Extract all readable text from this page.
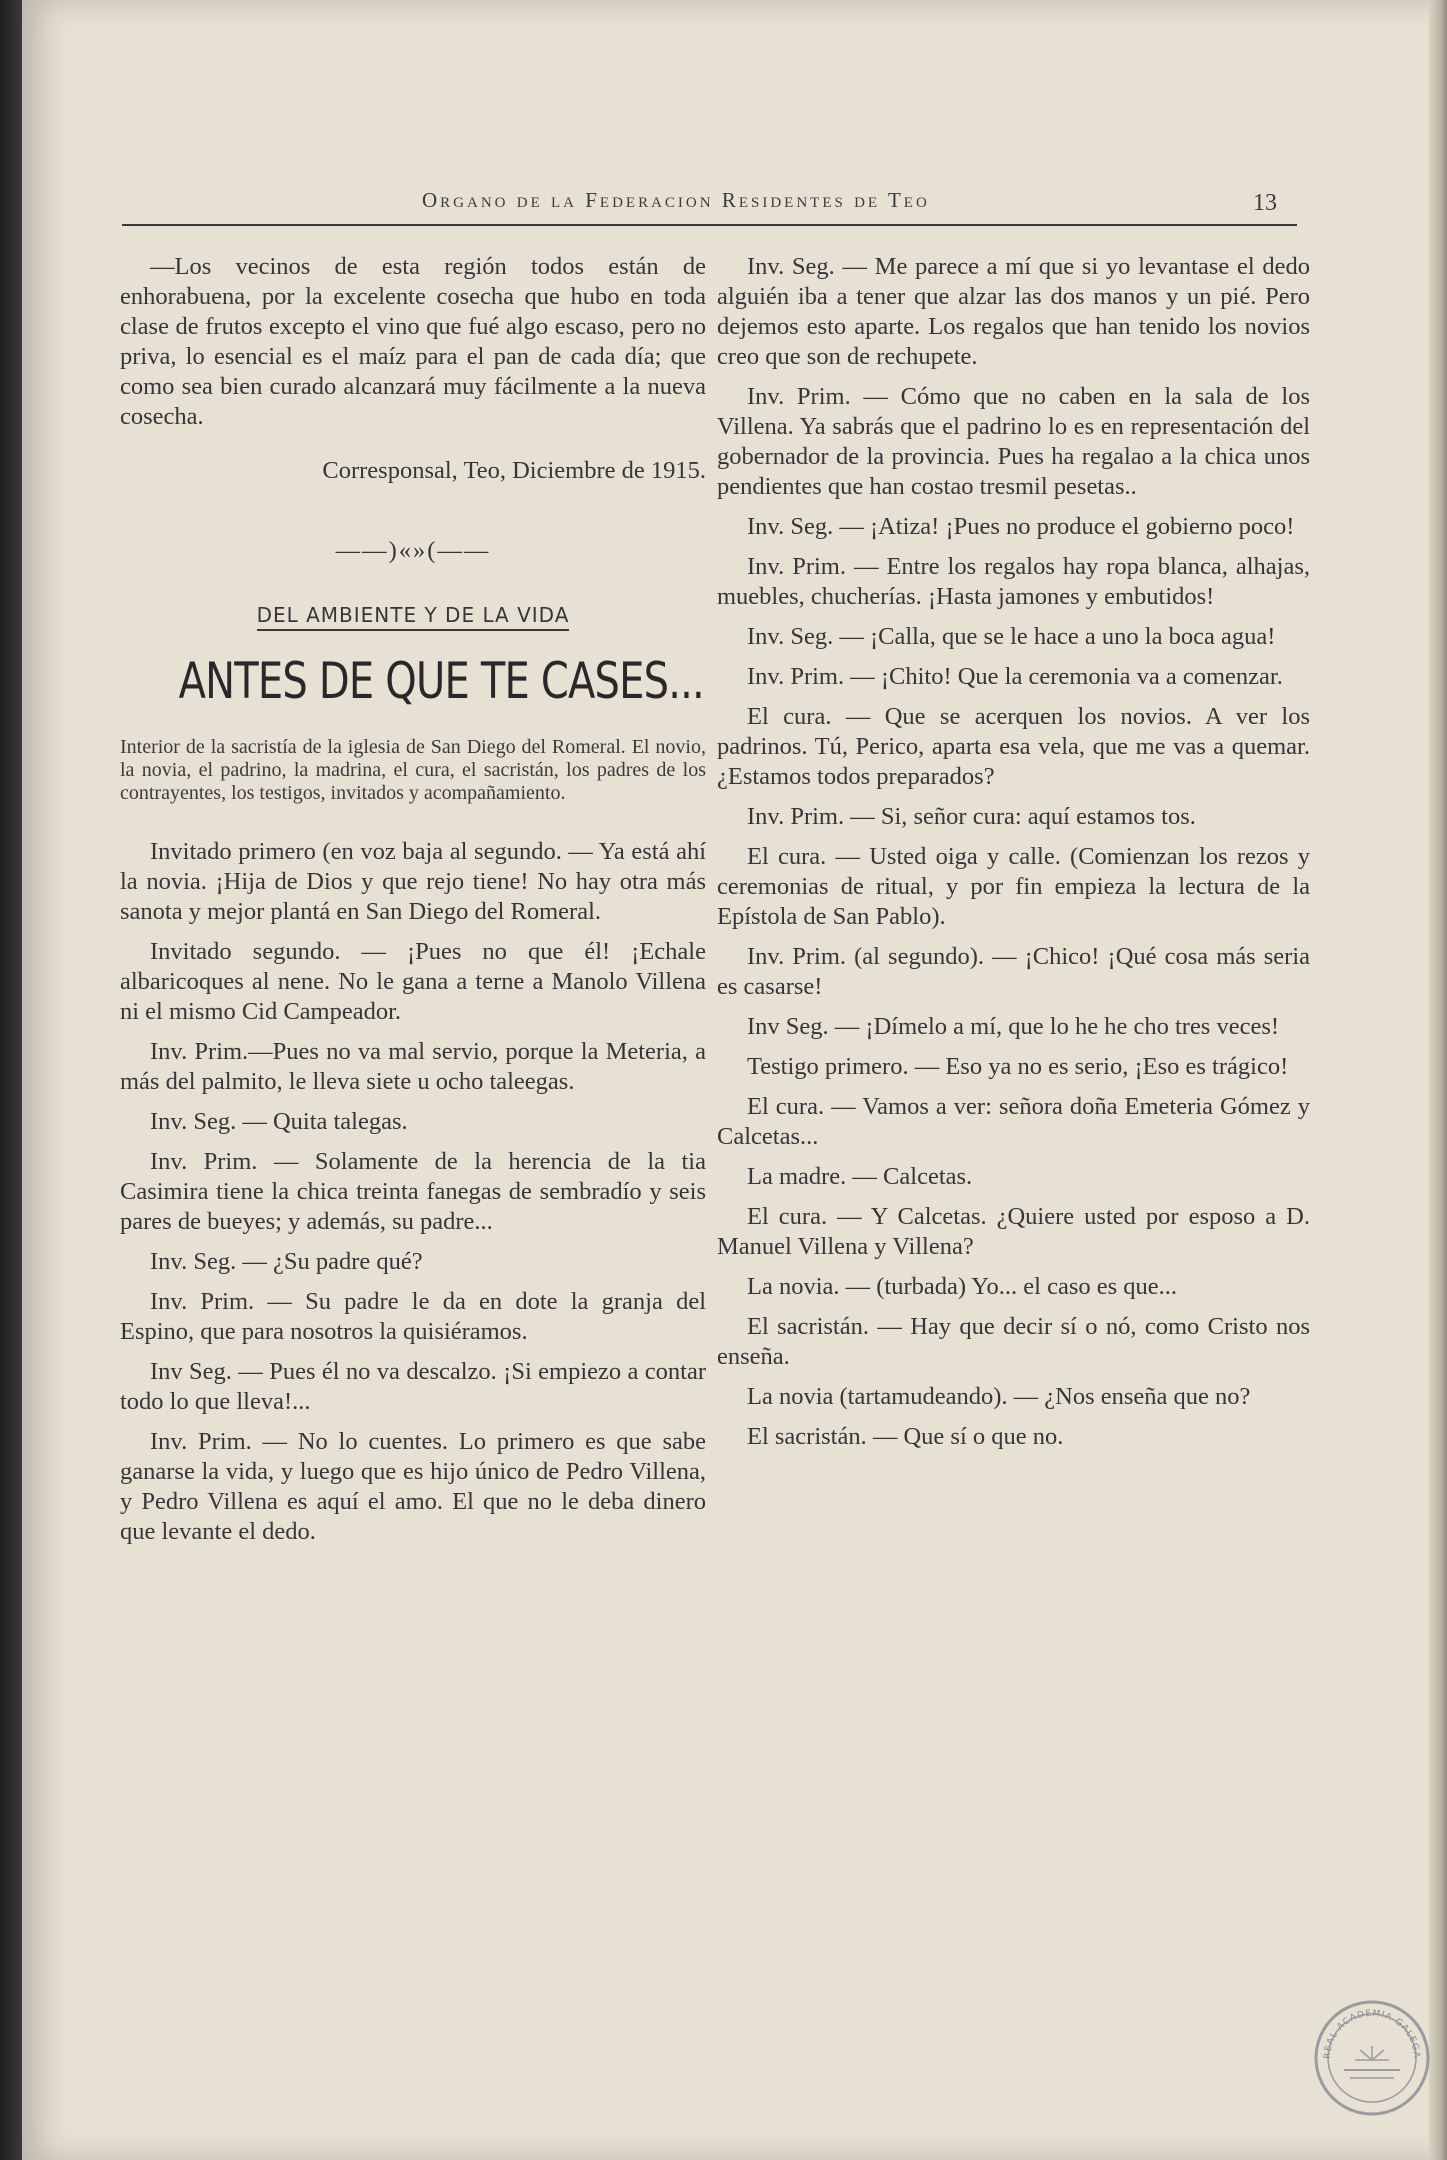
Organo de la Federacion Residentes de Teo	13

—Los vecinos de esta región todos están de enhorabuena, por la excelente cosecha que hubo en toda clase de frutos excepto el vino que fué algo escaso, pero no priva, lo esencial es el maíz para el pan de cada día; que como sea bien curado alcanzará muy fácilmente a la nueva cosecha.

Corresponsal, Teo, Diciembre de 1915.

——)«»(——

DEL AMBIENTE Y DE LA VIDA
ANTES DE QUE TE CASES...
Interior de la sacristía de la iglesia de San Diego del Romeral. El novio, la novia, el padrino, la madrina, el cura, el sacristán, los padres de los contrayentes, los testigos, invitados y acompañamiento.

Invitado primero (en voz baja al segundo. — Ya está ahí la novia. ¡Hija de Dios y que rejo tiene! No hay otra más sanota y mejor plantá en San Diego del Romeral.

Invitado segundo. — ¡Pues no que él! ¡Echale albaricoques al nene. No le gana a terne a Manolo Villena ni el mismo Cid Campeador.

Inv. Prim.—Pues no va mal servio, porque la Meteria, a más del palmito, le lleva siete u ocho taleegas.

Inv. Seg. — Quita talegas.

Inv. Prim. — Solamente de la herencia de la tia Casimira tiene la chica treinta fanegas de sembradío y seis pares de bueyes; y además, su padre...

Inv. Seg. — ¿Su padre qué?

Inv. Prim. — Su padre le da en dote la granja del Espino, que para nosotros la quisiéramos.

Inv Seg. — Pues él no va descalzo. ¡Si empiezo a contar todo lo que lleva!...

Inv. Prim. — No lo cuentes. Lo primero es que sabe ganarse la vida, y luego que es hijo único de Pedro Villena, y Pedro Villena es aquí el amo. El que no le deba dinero que levante el dedo.

Inv. Seg. — Me parece a mí que si yo levantase el dedo alguién iba a tener que alzar las dos manos y un pié. Pero dejemos esto aparte. Los regalos que han tenido los novios creo que son de rechupete.

Inv. Prim. — Cómo que no caben en la sala de los Villena. Ya sabrás que el padrino lo es en representación del gobernador de la provincia. Pues ha regalao a la chica unos pendientes que han costao tresmil pesetas..

Inv. Seg. — ¡Atiza! ¡Pues no produce el gobierno poco!

Inv. Prim. — Entre los regalos hay ropa blanca, alhajas, muebles, chucherías. ¡Hasta jamones y embutidos!

Inv. Seg. — ¡Calla, que se le hace a uno la boca agua!

Inv. Prim. — ¡Chito! Que la ceremonia va a comenzar.

El cura. — Que se acerquen los novios. A ver los padrinos. Tú, Perico, aparta esa vela, que me vas a quemar. ¿Estamos todos preparados?

Inv. Prim. — Si, señor cura: aquí estamos tos.

El cura. — Usted oiga y calle. (Comienzan los rezos y ceremonias de ritual, y por fin empieza la lectura de la Epístola de San Pablo).

Inv. Prim. (al segundo). — ¡Chico! ¡Qué cosa más seria es casarse!

Inv Seg. — ¡Dímelo a mí, que lo he he cho tres veces!

Testigo primero. — Eso ya no es serio, ¡Eso es trágico!

El cura. — Vamos a ver: señora doña Emeteria Gómez y Calcetas...

La madre. — Calcetas.

El cura. — Y Calcetas. ¿Quiere usted por esposo a D. Manuel Villena y Villena?

La novia. — (turbada) Yo... el caso es que...

El sacristán. — Hay que decir sí o nó, como Cristo nos enseña.

La novia (tartamudeando). — ¿Nos enseña que no?

El sacristán. — Que sí o que no.

REAL ACADEMIA GALEGA
